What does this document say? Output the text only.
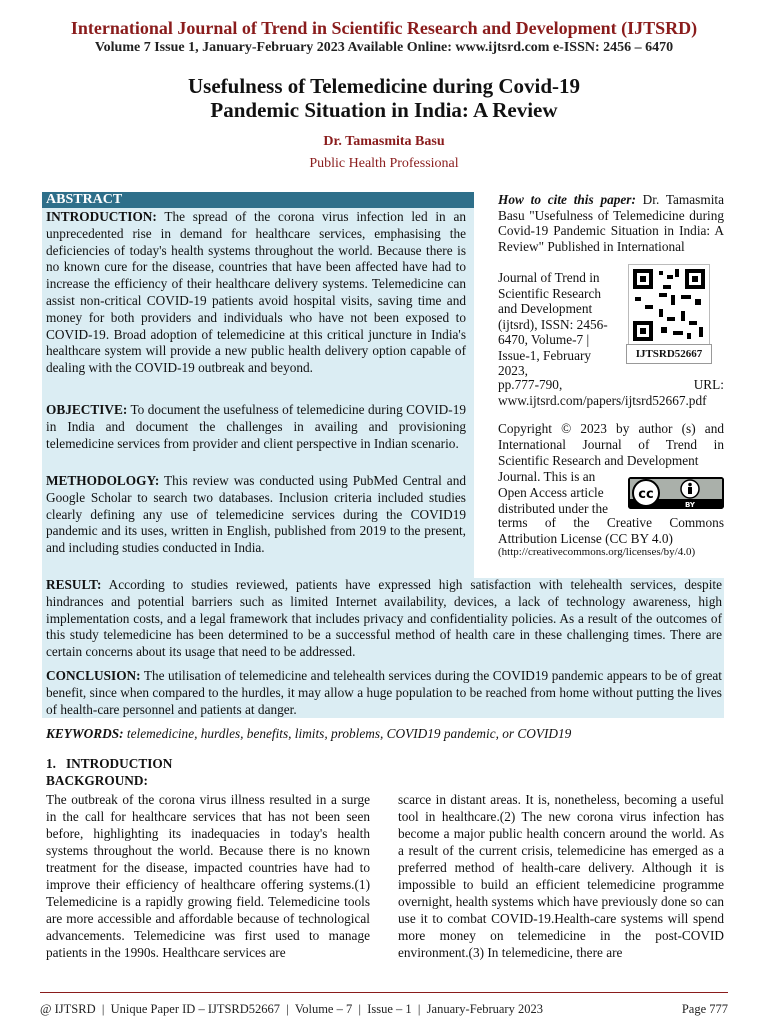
International Journal of Trend in Scientific Research and Development (IJTSRD)
Volume 7 Issue 1, January-February 2023 Available Online: www.ijtsrd.com e-ISSN: 2456 – 6470
Usefulness of Telemedicine during Covid-19
Pandemic Situation in India: A Review
Dr. Tamasmita Basu
Public Health Professional
ABSTRACT
INTRODUCTION: The spread of the corona virus infection led in an unprecedented rise in demand for healthcare services, emphasising the deficiencies of today's health systems throughout the world. Because there is no known cure for the disease, countries that have been affected have had to increase the efficiency of their healthcare delivery systems. Telemedicine can assist non-critical COVID-19 patients avoid hospital visits, saving time and money for both providers and individuals who have not been exposed to COVID-19. Broad adoption of telemedicine at this critical juncture in India's healthcare system will provide a new public health delivery option capable of dealing with the COVID-19 outbreak and beyond.
OBJECTIVE: To document the usefulness of telemedicine during COVID-19 in India and document the challenges in availing and provisioning telemedicine services from provider and client perspective in Indian scenario.
METHODOLOGY: This review was conducted using PubMed Central and Google Scholar to search two databases. Inclusion criteria included studies clearly defining any use of telemedicine services during the COVID19 pandemic and its uses, written in English, published from 2019 to the present, and including studies conducted in India.
RESULT: According to studies reviewed, patients have expressed high satisfaction with telehealth services, despite hindrances and potential barriers such as limited Internet availability, devices, a lack of technology awareness, high implementation costs, and a legal framework that includes privacy and confidentiality policies. As a result of the outcomes of this study telemedicine has been determined to be a successful method of health care in these challenging times. There are certain concerns about its usage that need to be addressed.
CONCLUSION: The utilisation of telemedicine and telehealth services during the COVID19 pandemic appears to be of great benefit, since when compared to the hurdles, it may allow a huge population to be reached from home without putting the lives of health-care personnel and patients at danger.
How to cite this paper: Dr. Tamasmita Basu "Usefulness of Telemedicine during Covid-19 Pandemic Situation in India: A Review" Published in International
Journal of Trend in Scientific Research and Development (ijtsrd), ISSN: 2456-6470, Volume-7 | Issue-1, February 2023,
pp.777-790, URL: www.ijtsrd.com/papers/ijtsrd52667.pdf
IJTSRD52667
Copyright © 2023 by author (s) and International Journal of Trend in Scientific Research and Development
Journal. This is an Open Access article distributed under the
cc
BY
terms of the Creative Commons Attribution License (CC BY 4.0)
(http://creativecommons.org/licenses/by/4.0)
KEYWORDS: telemedicine, hurdles, benefits, limits, problems, COVID19 pandemic, or COVID19
1.   INTRODUCTION
BACKGROUND:
The outbreak of the corona virus illness resulted in a surge in the call for healthcare services that has not been seen before, highlighting its inadequacies in today's health systems throughout the world. Because there is no known treatment for the disease, impacted countries have had to improve their efficiency of healthcare offering systems.(1) Telemedicine is a rapidly growing field. Telemedicine tools are more accessible and affordable because of technological advancements. Telemedicine was first used to manage patients in the 1990s. Healthcare services are
scarce in distant areas. It is, nonetheless, becoming a useful tool in healthcare.(2) The new corona virus infection has become a major public health concern around the world. As a result of the current crisis, telemedicine has emerged as a preferred method of health-care delivery. Although it is impossible to build an efficient telemedicine programme overnight, health systems which have previously done so can use it to combat COVID-19.Health-care systems will spend more money on telemedicine in the post-COVID environment.(3) In telemedicine, there are
@ IJTSRD  |  Unique Paper ID – IJTSRD52667  |  Volume – 7  |  Issue – 1  |  January-February 2023	Page 777
